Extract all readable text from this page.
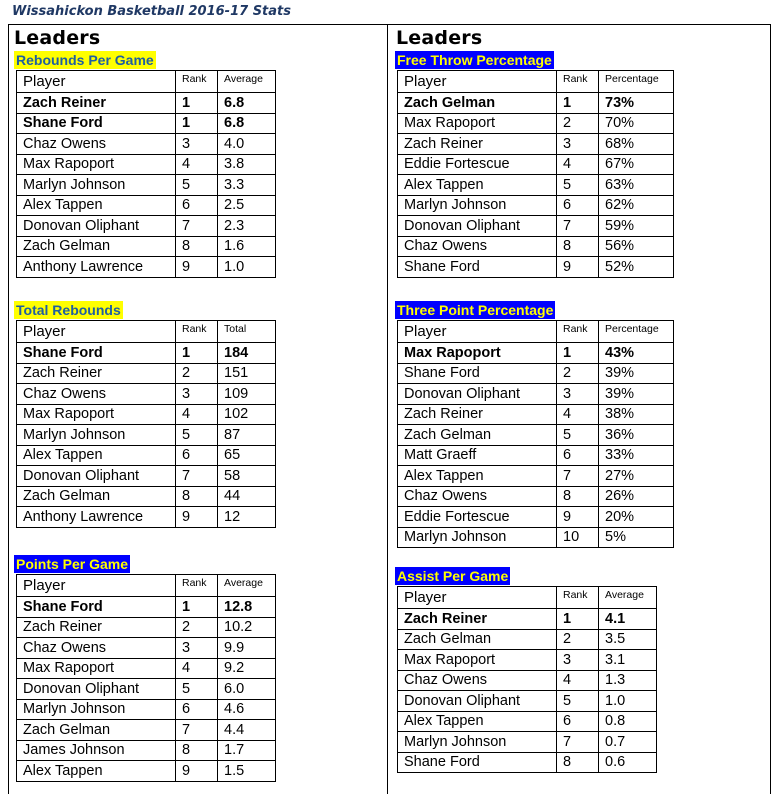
Wissahickon Basketball 2016-17 Stats
Leaders	Leaders
Rebounds Per Game
Player	Rank	Average
Zach Reiner	1	6.8
Shane Ford	1	6.8
Chaz Owens	3	4.0
Max Rapoport	4	3.8
Marlyn Johnson	5	3.3
Alex Tappen	6	2.5
Donovan Oliphant	7	2.3
Zach Gelman	8	1.6
Anthony Lawrence	9	1.0
Total Rebounds
Player	Rank	Total
Shane Ford	1	184
Zach Reiner	2	151
Chaz Owens	3	109
Max Rapoport	4	102
Marlyn Johnson	5	87
Alex Tappen	6	65
Donovan Oliphant	7	58
Zach Gelman	8	44
Anthony Lawrence	9	12
Points Per Game
Player	Rank	Average
Shane Ford	1	12.8
Zach Reiner	2	10.2
Chaz Owens	3	9.9
Max Rapoport	4	9.2
Donovan Oliphant	5	6.0
Marlyn Johnson	6	4.6
Zach Gelman	7	4.4
James Johnson	8	1.7
Alex Tappen	9	1.5
Free Throw Percentage
Player	Rank	Percentage
Zach Gelman	1	73%
Max Rapoport	2	70%
Zach Reiner	3	68%
Eddie Fortescue	4	67%
Alex Tappen	5	63%
Marlyn Johnson	6	62%
Donovan Oliphant	7	59%
Chaz Owens	8	56%
Shane Ford	9	52%
Three Point Percentage
Player	Rank	Percentage
Max Rapoport	1	43%
Shane Ford	2	39%
Donovan Oliphant	3	39%
Zach Reiner	4	38%
Zach Gelman	5	36%
Matt Graeff	6	33%
Alex Tappen	7	27%
Chaz Owens	8	26%
Eddie Fortescue	9	20%
Marlyn Johnson	10	5%
Assist Per Game
Player	Rank	Average
Zach Reiner	1	4.1
Zach Gelman	2	3.5
Max Rapoport	3	3.1
Chaz Owens	4	1.3
Donovan Oliphant	5	1.0
Alex Tappen	6	0.8
Marlyn Johnson	7	0.7
Shane Ford	8	0.6
